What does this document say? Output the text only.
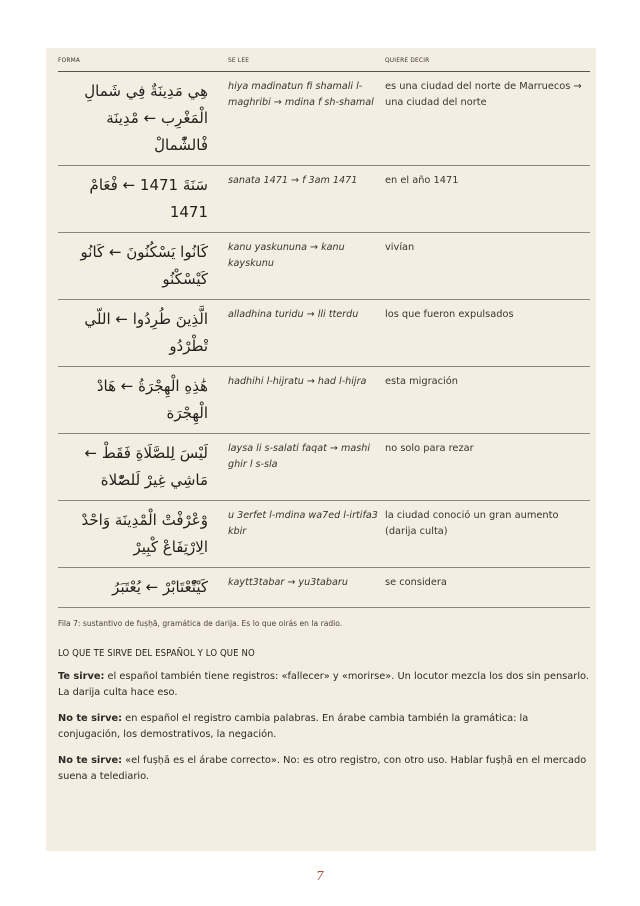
FORMA	SE LEE	QUIERE DECIR
هِي مَدِينَةٌ فِي شَمالِ الْمَغْرِب ← مْدِينَة فْالشّْمالْ	hiya madinatun fi shamali l-maghribi → mdina f sh-shamal	es una ciudad del norte de Marruecos → una ciudad del norte
سَنَةَ 1471 ← فْعَامْ 1471	sanata 1471 → f 3am 1471	en el año 1471
كَانُوا يَسْكُنُونَ ← كَانُو كَيْسْكْنُو	kanu yaskununa → kanu kayskunu	vivían
الَّذِينَ طُرِدُوا ← اللّي تْطْرْدُو	alladhina turidu → lli tterdu	los que fueron expulsados
هَٰذِهِ الْهِجْرَةُ ← هَادْ الْهِجْرَة	hadhihi l-hijratu → had l-hijra	esta migración
لَيْسَ لِلصَّلَاةِ فَقَطْ ← مَاشِي غِيرْ لَلصّْلاة	laysa li s-salati faqat → mashi ghir l s-sla	no solo para rezar
وْعْرْفْتْ الْمْدِينَة وَاحْدْ الِارْتِفَاعْ كْبِيرْ	u 3erfet l-mdina wa7ed l-irtifa3 kbir	la ciudad conoció un gran aumento (darija culta)
كَيْتّْعْتَابْرْ ← يُعْتَبَرُ	kaytt3tabar → yu3tabaru	se considera
Fila 7: sustantivo de fuṣḥā, gramática de darija. Es lo que oirás en la radio.
LO QUE TE SIRVE DEL ESPAÑOL Y LO QUE NO

Te sirve: el español también tiene registros: «fallecer» y «morirse». Un locutor mezcla los dos sin pensarlo. La darija culta hace eso.

No te sirve: en español el registro cambia palabras. En árabe cambia también la gramática: la conjugación, los demostrativos, la negación.

No te sirve: «el fuṣḥā es el árabe correcto». No: es otro registro, con otro uso. Hablar fuṣḥā en el mercado suena a telediario.

7
